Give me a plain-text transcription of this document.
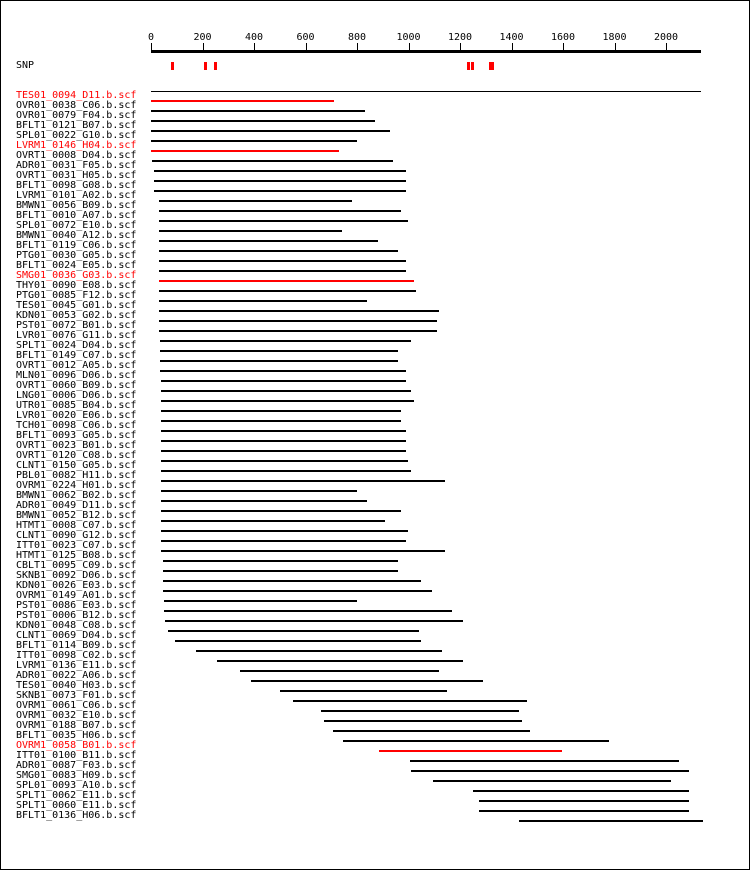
0	200	400	600	800	1000	1200	1400	1600	1800	2000
SNP
TES01_0094_D11.b.scf
OVR01_0038_C06.b.scf
OVR01_0079_F04.b.scf
BFLT1_0121_B07.b.scf
SPL01_0022_G10.b.scf
LVRM1_0146_H04.b.scf
OVRT1_0008_D04.b.scf
ADR01_0031_F05.b.scf
OVRT1_0031_H05.b.scf
BFLT1_0098_G08.b.scf
LVRM1_0101_A02.b.scf
BMWN1_0056_B09.b.scf
BFLT1_0010_A07.b.scf
SPL01_0072_E10.b.scf
BMWN1_0040_A12.b.scf
BFLT1_0119_C06.b.scf
PTG01_0030_G05.b.scf
BFLT1_0024_E05.b.scf
SMG01_0036_G03.b.scf
THY01_0090_E08.b.scf
PTG01_0085_F12.b.scf
TES01_0045_G01.b.scf
KDN01_0053_G02.b.scf
PST01_0072_B01.b.scf
LVR01_0076_G11.b.scf
SPLT1_0024_D04.b.scf
BFLT1_0149_C07.b.scf
OVRT1_0012_A05.b.scf
MLN01_0096_D06.b.scf
OVRT1_0060_B09.b.scf
LNG01_0006_D06.b.scf
UTR01_0085_B04.b.scf
LVR01_0020_E06.b.scf
TCH01_0098_C06.b.scf
BFLT1_0093_G05.b.scf
OVRT1_0023_B01.b.scf
OVRT1_0120_C08.b.scf
CLNT1_0150_G05.b.scf
PBL01_0082_H11.b.scf
OVRM1_0224_H01.b.scf
BMWN1_0062_B02.b.scf
ADR01_0049_D11.b.scf
BMWN1_0052_B12.b.scf
HTMT1_0008_C07.b.scf
CLNT1_0090_G12.b.scf
ITT01_0023_C07.b.scf
HTMT1_0125_B08.b.scf
CBLT1_0095_C09.b.scf
SKNB1_0092_D06.b.scf
KDN01_0026_E03.b.scf
OVRM1_0149_A01.b.scf
PST01_0086_E03.b.scf
PST01_0006_B12.b.scf
KDN01_0048_C08.b.scf
CLNT1_0069_D04.b.scf
BFLT1_0114_B09.b.scf
ITT01_0098_C02.b.scf
LVRM1_0136_E11.b.scf
ADR01_0022_A06.b.scf
TES01_0040_H03.b.scf
SKNB1_0073_F01.b.scf
OVRM1_0061_C06.b.scf
OVRM1_0032_E10.b.scf
OVRM1_0188_B07.b.scf
BFLT1_0035_H06.b.scf
OVRM1_0058_B01.b.scf
ITT01_0100_B11.b.scf
ADR01_0087_F03.b.scf
SMG01_0083_H09.b.scf
SPL01_0093_A10.b.scf
SPLT1_0062_E11.b.scf
SPLT1_0060_E11.b.scf
BFLT1_0136_H06.b.scf
